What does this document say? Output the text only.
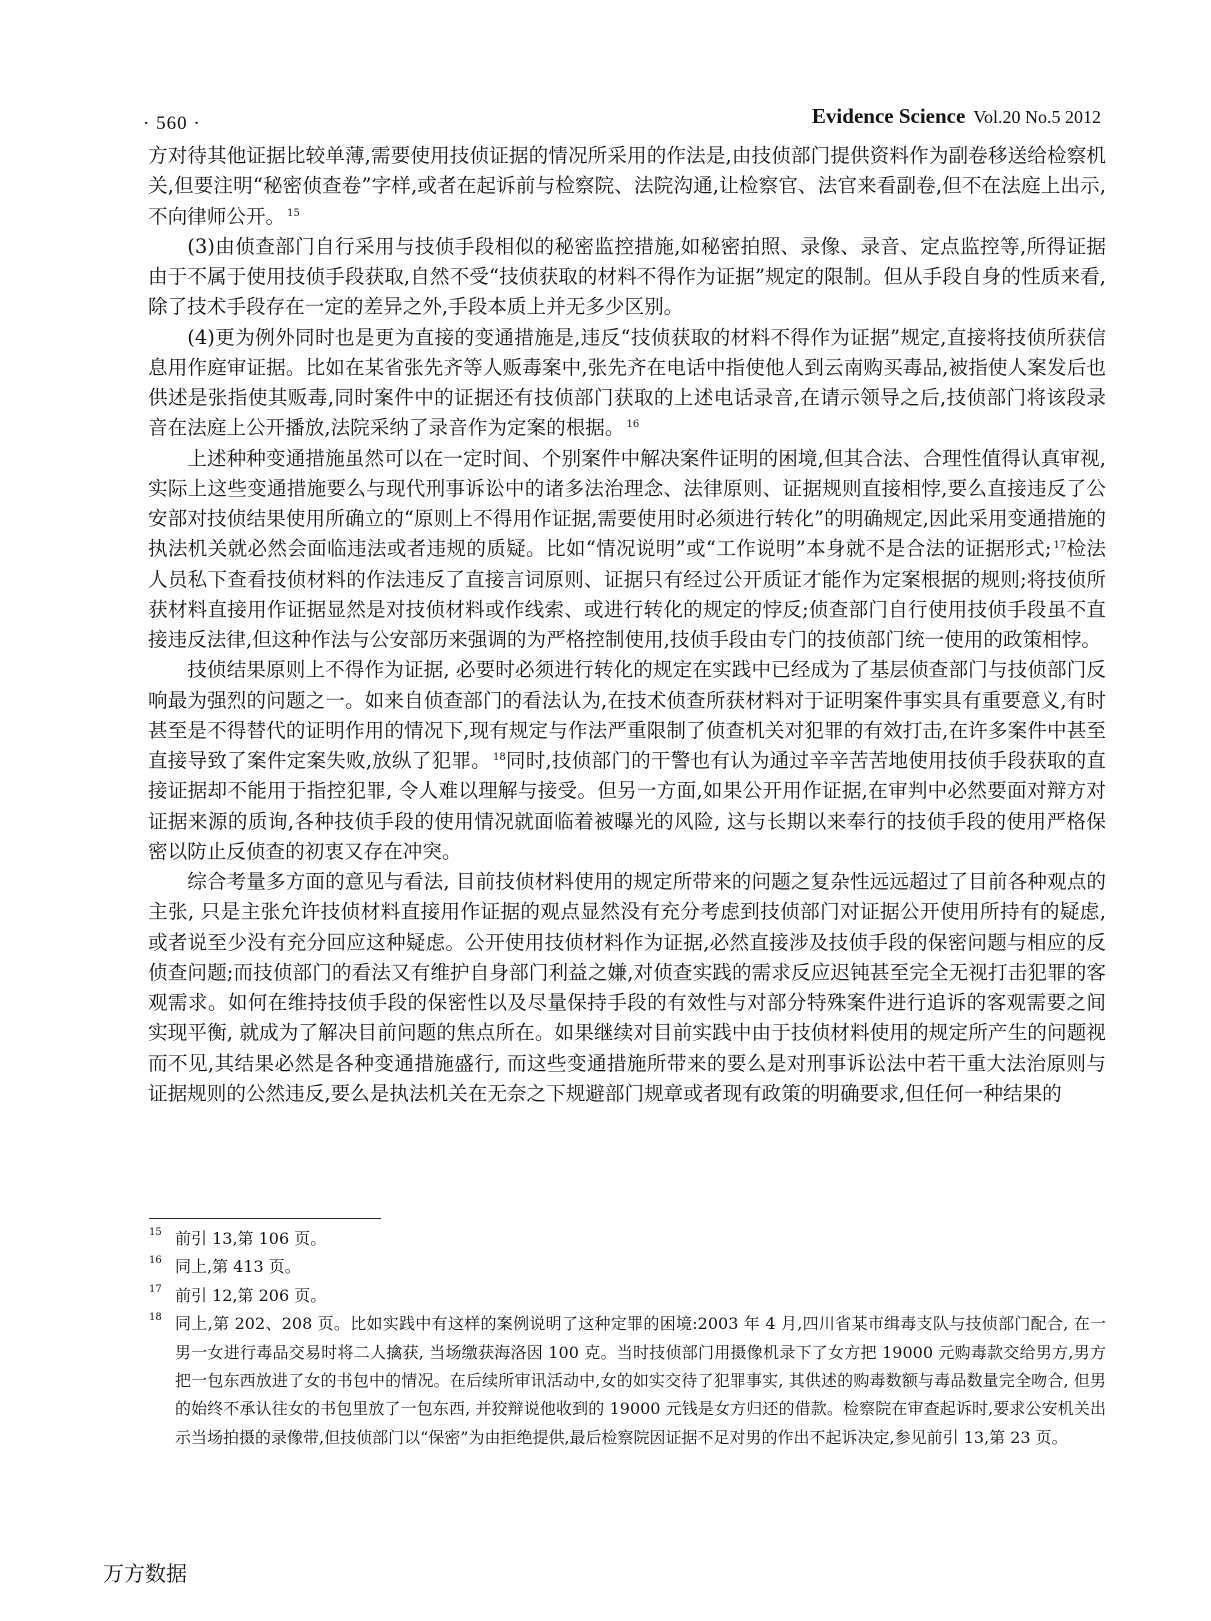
· 560 ·	Evidence Science Vol.20 No.5 2012

方对待其他证据比较单薄,需要使用技侦证据的情况所采用的作法是,由技侦部门提供资料作为副卷移送给检察机关,但要注明“秘密侦查卷”字样,或者在起诉前与检察院、法院沟通,让检察官、法官来看副卷,但不在法庭上出示,不向律师公开。 $^{15}$

(3)由侦查部门自行采用与技侦手段相似的秘密监控措施,如秘密拍照、录像、录音、定点监控等,所得证据由于不属于使用技侦手段获取,自然不受“技侦获取的材料不得作为证据”规定的限制。但从手段自身的性质来看,除了技术手段存在一定的差异之外,手段本质上并无多少区别。

(4)更为例外同时也是更为直接的变通措施是,违反“技侦获取的材料不得作为证据”规定,直接将技侦所获信息用作庭审证据。比如在某省张先齐等人贩毒案中,张先齐在电话中指使他人到云南购买毒品,被指使人案发后也供述是张指使其贩毒,同时案件中的证据还有技侦部门获取的上述电话录音,在请示领导之后,技侦部门将该段录音在法庭上公开播放,法院采纳了录音作为定案的根据。 $^{16}$

上述种种变通措施虽然可以在一定时间、个别案件中解决案件证明的困境,但其合法、合理性值得认真审视,实际上这些变通措施要么与现代刑事诉讼中的诸多法治理念、法律原则、证据规则直接相悖,要么直接违反了公安部对技侦结果使用所确立的“原则上不得用作证据,需要使用时必须进行转化”的明确规定,因此采用变通措施的执法机关就必然会面临违法或者违规的质疑。比如“情况说明”或“工作说明”本身就不是合法的证据形式; $^{17}$检法人员私下查看技侦材料的作法违反了直接言词原则、证据只有经过公开质证才能作为定案根据的规则;将技侦所获材料直接用作证据显然是对技侦材料或作线索、或进行转化的规定的悖反;侦查部门自行使用技侦手段虽不直接违反法律,但这种作法与公安部历来强调的为严格控制使用,技侦手段由专门的技侦部门统一使用的政策相悖。

技侦结果原则上不得作为证据, 必要时必须进行转化的规定在实践中已经成为了基层侦查部门与技侦部门反响最为强烈的问题之一。如来自侦查部门的看法认为,在技术侦查所获材料对于证明案件事实具有重要意义,有时甚至是不得替代的证明作用的情况下,现有规定与作法严重限制了侦查机关对犯罪的有效打击,在许多案件中甚至直接导致了案件定案失败,放纵了犯罪。 $^{18}$同时,技侦部门的干警也有认为通过辛辛苦苦地使用技侦手段获取的直接证据却不能用于指控犯罪, 令人难以理解与接受。但另一方面,如果公开用作证据,在审判中必然要面对辩方对证据来源的质询,各种技侦手段的使用情况就面临着被曝光的风险, 这与长期以来奉行的技侦手段的使用严格保密以防止反侦查的初衷又存在冲突。

综合考量多方面的意见与看法, 目前技侦材料使用的规定所带来的问题之复杂性远远超过了目前各种观点的主张, 只是主张允许技侦材料直接用作证据的观点显然没有充分考虑到技侦部门对证据公开使用所持有的疑虑,或者说至少没有充分回应这种疑虑。公开使用技侦材料作为证据,必然直接涉及技侦手段的保密问题与相应的反侦查问题;而技侦部门的看法又有维护自身部门利益之嫌,对侦查实践的需求反应迟钝甚至完全无视打击犯罪的客观需求。如何在维持技侦手段的保密性以及尽量保持手段的有效性与对部分特殊案件进行追诉的客观需要之间实现平衡, 就成为了解决目前问题的焦点所在。如果继续对目前实践中由于技侦材料使用的规定所产生的问题视而不见,其结果必然是各种变通措施盛行, 而这些变通措施所带来的要么是对刑事诉讼法中若干重大法治原则与证据规则的公然违反,要么是执法机关在无奈之下规避部门规章或者现有政策的明确要求,但任何一种结果的

15 前引 13,第 106 页。
16 同上,第 413 页。
17 前引 12,第 206 页。
18 同上,第 202、208 页。比如实践中有这样的案例说明了这种定罪的困境:2003 年 4 月,四川省某市缉毒支队与技侦部门配合, 在一男一女进行毒品交易时将二人擒获, 当场缴获海洛因 100 克。当时技侦部门用摄像机录下了女方把 19000 元购毒款交给男方,男方把一包东西放进了女的书包中的情况。在后续所审讯活动中,女的如实交待了犯罪事实, 其供述的购毒数额与毒品数量完全吻合, 但男的始终不承认往女的书包里放了一包东西, 并狡辩说他收到的 19000 元钱是女方归还的借款。检察院在审查起诉时,要求公安机关出示当场拍摄的录像带,但技侦部门以“保密”为由拒绝提供,最后检察院因证据不足对男的作出不起诉决定,参见前引 13,第 23 页。
万方数据
